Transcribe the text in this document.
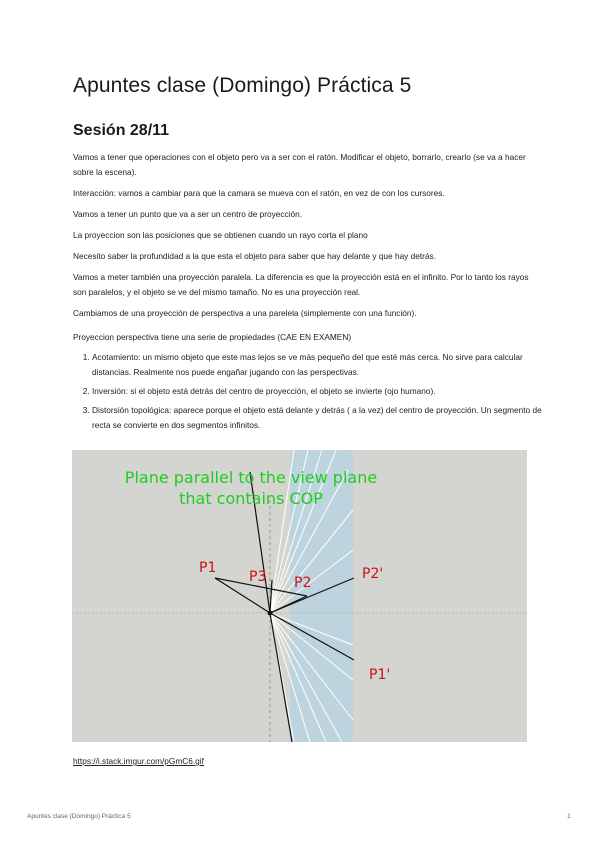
Apuntes clase (Domingo) Práctica 5
Sesión 28/11

Vamos a tener que operaciones con el objeto pero va a ser con el ratón. Modificar el objeto, borrarlo, crearlo (se va a hacer sobre la escena).

Interacción: vamos a cambiar para que la camara se mueva con el ratón, en vez de con los cursores.

Vamos a tener un punto que va a ser un centro de proyección.

La proyeccion son las posiciones que se obtienen cuando un rayo corta el plano

Necesito saber la profundidad a la que esta el objeto para saber que hay delante y que hay detrás.

Vamos a meter también una proyección paralela. La diferencia es que la proyección está en el infinito. Por lo tanto los rayos son paralelos, y el objeto se ve del mismo tamaño. No es una proyección real.

Cambiamos de una proyección de perspectiva a una parelela (simplemente con una función).

Proyeccion perspectiva tiene una serie de propiedades (CAE EN EXAMEN)

1. Acotamiento: un mismo objeto que este mas lejos se ve más pequeño del que esté más cerca. No sirve para calcular distancias. Realmente nos puede engañar jugando con las perspectivas.
2. Inversión: si el objeto está detrás del centro de proyección, el objeto se invierte (ojo humano).
3. Distorsión topológica: aparece porque el objeto está delante y detrás ( a la vez) del centro de proyección. Un segmento de recta se convierte en dos segmentos infinitos.
Plane parallel to the view plane
that contains COP
P1
P3 P2
P2'
P1'
https://i.stack.imgur.com/pGmC6.gif
Apuntes clase (Domingo) Práctica 5	1
